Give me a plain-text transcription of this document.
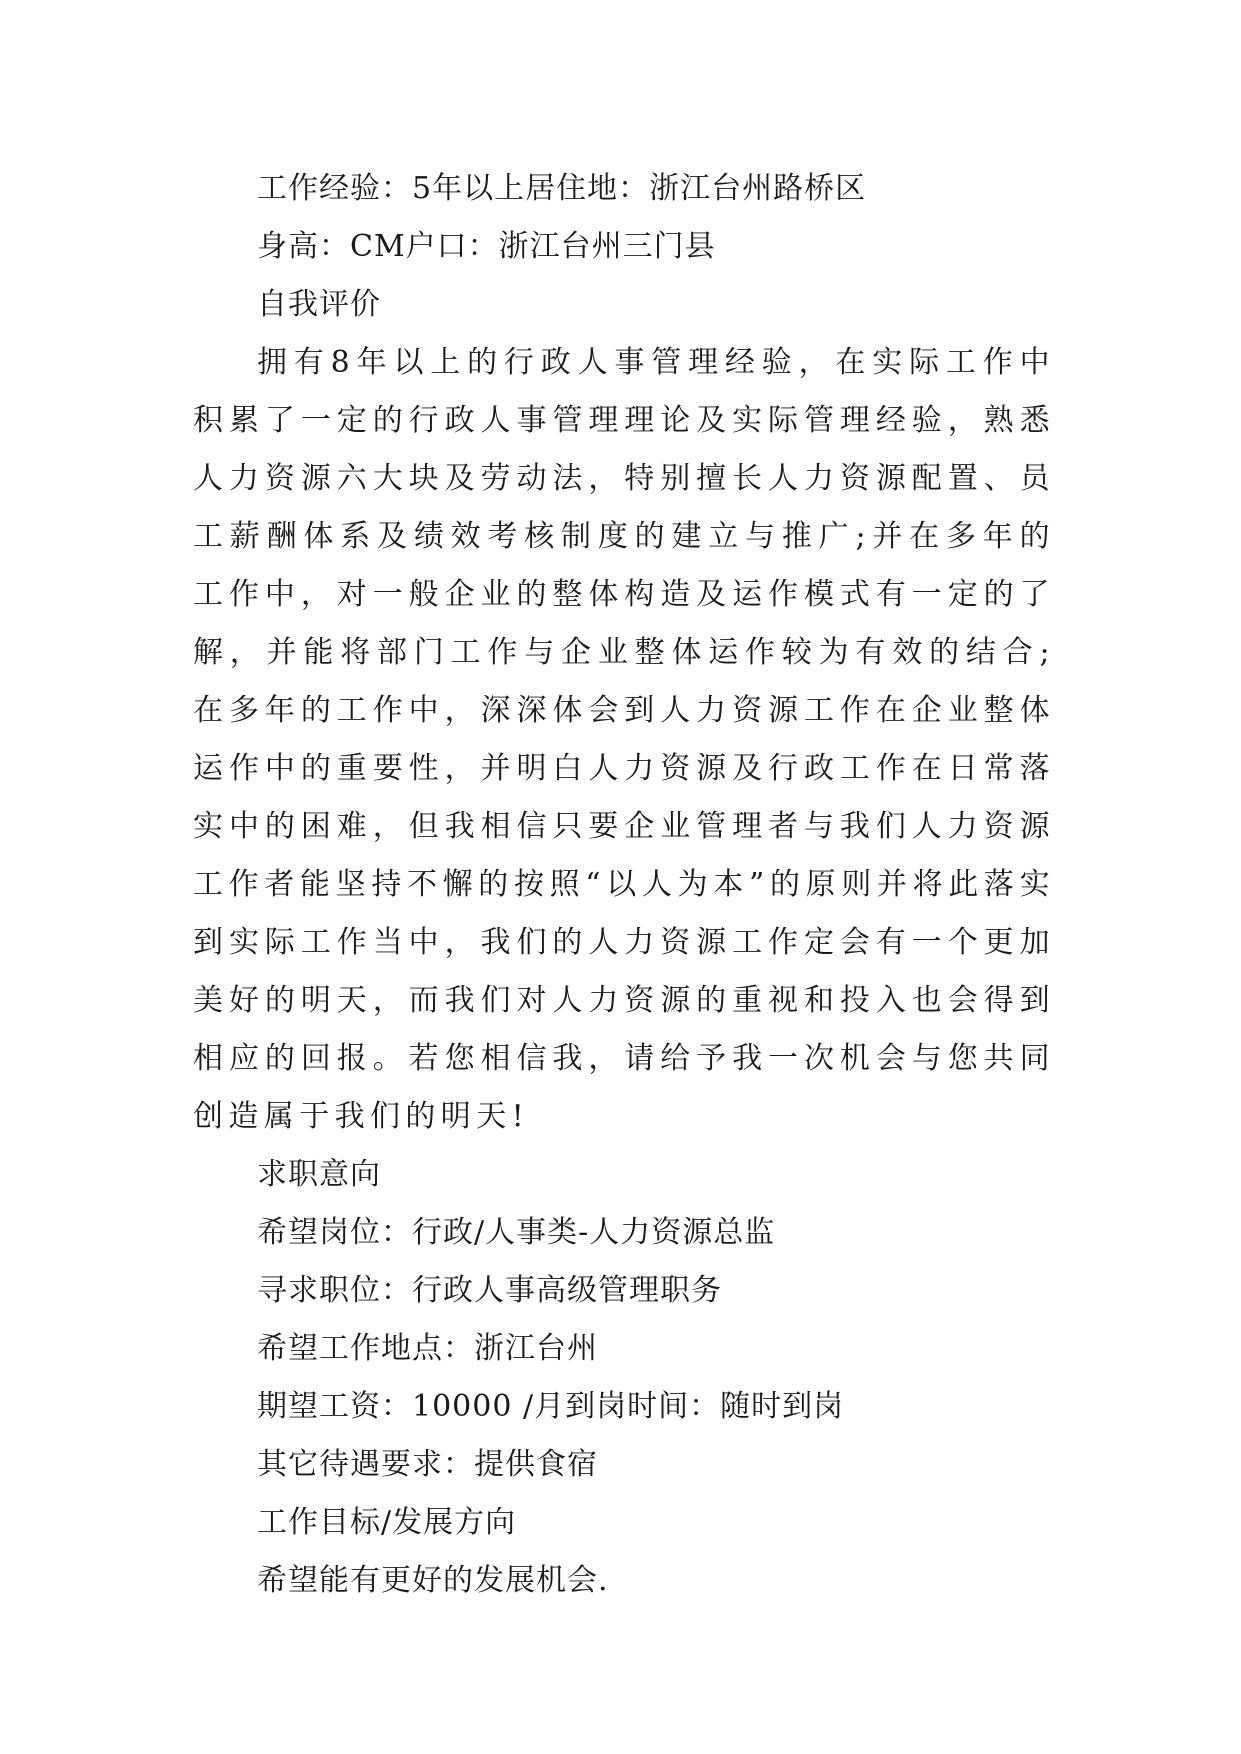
工作经验：5年以上居住地：浙江台州路桥区
身高：CM户口：浙江台州三门县
自我评价

拥有8年以上的行政人事管理经验，在实际工作中积累了一定的行政人事管理理论及实际管理经验，熟悉人力资源六大块及劳动法，特别擅长人力资源配置、员工薪酬体系及绩效考核制度的建立与推广;并在多年的工作中，对一般企业的整体构造及运作模式有一定的了解，并能将部门工作与企业整体运作较为有效的结合;在多年的工作中，深深体会到人力资源工作在企业整体运作中的重要性，并明白人力资源及行政工作在日常落实中的困难，但我相信只要企业管理者与我们人力资源工作者能坚持不懈的按照“以人为本”的原则并将此落实到实际工作当中，我们的人力资源工作定会有一个更加美好的明天，而我们对人力资源的重视和投入也会得到相应的回报。若您相信我，请给予我一次机会与您共同创造属于我们的明天!

求职意向
希望岗位：行政/人事类-人力资源总监
寻求职位：行政人事高级管理职务
希望工作地点：浙江台州
期望工资：10000 /月到岗时间：随时到岗
其它待遇要求：提供食宿
工作目标/发展方向
希望能有更好的发展机会.
